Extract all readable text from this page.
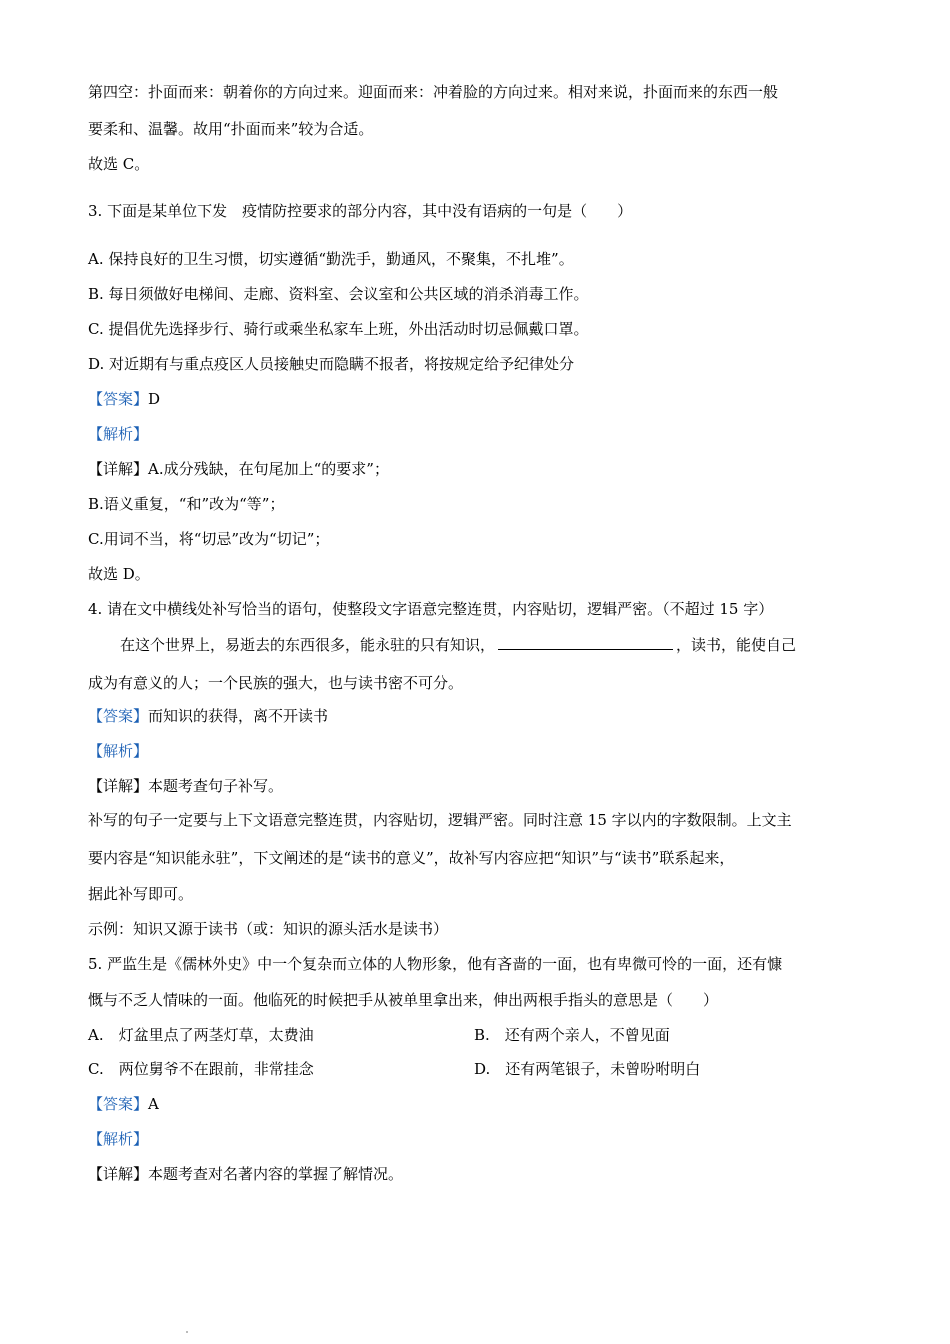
第四空：扑面而来：朝着你的方向过来。迎面而来：冲着脸的方向过来。相对来说，扑面而来的东西一般
要柔和、温馨。故用“扑面而来”较为合适。
故选 C。
3. 下面是某单位下发　疫情防控要求的部分内容，其中没有语病的一句是（　　）
A. 保持良好的卫生习惯，切实遵循“勤洗手，勤通风，不聚集，不扎堆”。
B. 每日须做好电梯间、走廊、资料室、会议室和公共区域的消杀消毒工作。
C. 提倡优先选择步行、骑行或乘坐私家车上班，外出活动时切忌佩戴口罩。
D. 对近期有与重点疫区人员接触史而隐瞒不报者，将按规定给予纪律处分
【答案】D
【解析】
【详解】A.成分残缺，在句尾加上“的要求”；
B.语义重复，“和”改为“等”；
C.用词不当，将“切忌”改为“切记”；
故选 D。
4. 请在文中横线处补写恰当的语句，使整段文字语意完整连贯，内容贴切，逻辑严密。（不超过 15 字）
在这个世界上，易逝去的东西很多，能永驻的只有知识，	，读书，能使自己
成为有意义的人；一个民族的强大，也与读书密不可分。
【答案】而知识的获得，离不开读书
【解析】
【详解】本题考查句子补写。
补写的句子一定要与上下文语意完整连贯，内容贴切，逻辑严密。同时注意 15 字以内的字数限制。上文主
要内容是“知识能永驻”，下文阐述的是“读书的意义”，故补写内容应把“知识”与“读书”联系起来，
据此补写即可。
示例：知识又源于读书（或：知识的源头活水是读书）
5. 严监生是《儒林外史》中一个复杂而立体的人物形象，他有吝啬的一面，也有卑微可怜的一面，还有慷
慨与不乏人情味的一面。他临死的时候把手从被单里拿出来，伸出两根手指头的意思是（　　）
A.　灯盆里点了两茎灯草，太费油	B.　还有两个亲人，不曾见面
C.　两位舅爷不在跟前，非常挂念	D.　还有两笔银子，未曾吩咐明白
【答案】A
【解析】
【详解】本题考查对名著内容的掌握了解情况。
